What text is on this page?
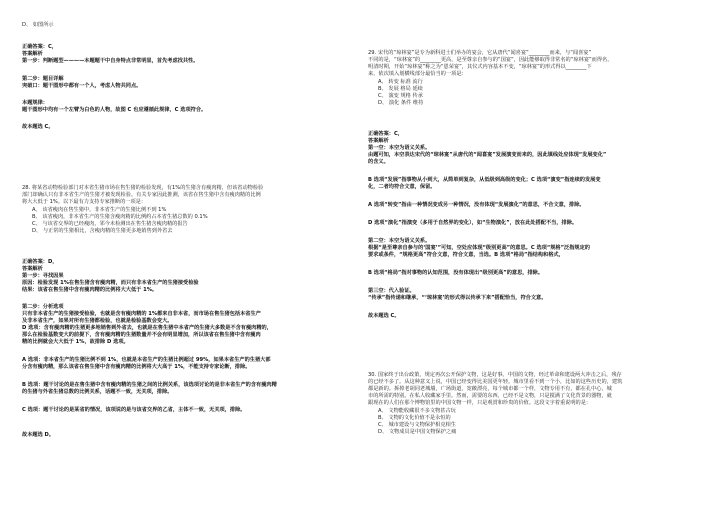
D、 如图所示
正确答案：C，
答案解析
第一步：判断题型————本题题干中自身特点非常明显，首先考虑找共性。
第二步：题目详解
突破口：题干图形中都有一个人，考虑人物共同点。
本题规律：
题干图形中均有一个左臂为白色的人物，故图 C 也应遵循此规律，C 选项符合。
故本题选 C。
28. 将某省动物检验部门对本省生猪市场在售生猪的检验发现，有1%的生猪含有瘦肉精，但该省动物检验
部门却确认只有非本省生产的生猪才被发现检验。有关专家因此推测，该省在售生猪中含有瘦肉精的比例
将大大低于 1%。以下最有力支持专家推断的一项是：
A、 该省瘦肉在售生猪中，非本省生产的生猪比例不到 1%
B、 该省瘦肉，非本省生产的生猪含瘦肉精的比例约占本省生猪总数的 0.1%
C、 与该省交界的已经瘦肉，邻今未检测出在售生猪含瘦肉精的报告
D、 与正常的生猪相比，含瘦肉精的生猪更多地销售到外省去
正确答案：D，
答案解析
第一步：寻找因果
原因：检验发现 1%在售生猪含有瘦肉精，而只有非本省生产的生猪接受检验
结果：该省在售生猪中含有瘦肉精的比例将大大低于 1%。
第二步：分析选项
只有非本省生产的生猪接受检验，也就是含有瘦肉精的 1%都来自非本省，而市场在售生猪包括本省生产
及非本省生产，如果对所有生猪都检验，也就是检验基数会变大。
D 选项：含有瘦肉精的生猪更多地销售到外省去，也就是在售生猪中本省产的生猪大多数是不含有瘦肉精的，
那么在检验基数变大的前提下，含有瘦肉精的生猪数量并不会有明显增加，所以该省在售生猪中含有瘦肉
精的比例就会大大低于 1%，故排除 D 选项。
A 选项：非本省生产的生猪比例不到 1%，也就是本省生产的生猪比例超过 99%，如果本省生产的生猪大部
分含有瘦肉精，那么该省在售生猪中含有瘦肉精的比例将大大高于 1%，不能支持专家论断，排除。
B 选项：题干讨论的是在售生猪中含有瘦肉精的生猪之间的比例关系，该选项讨论的是非本省生产的含有瘦肉精
的生猪与外省生猪总数的比例关系，话题不一致，无关项，排除。
C 选项：题干讨论的是某省的情况，该项说的是与该省交界的乙省，主体不一致，无关项，排除。
故本题选 D。
29. 宋代的“琼林宴”是专为新科进士们举办的宴会，它从唐代“闻喜宴”________而来，与“闻喜宴”
不同的是，“琼林宴”的________更高，是至尊亲自参与的“国宴”，因此能够取得非常名的“琼林宴”而得名，
明清时期，开始“琼林宴”称之为“恩荣宴”，其仪式内容基本不变，“琼林宴”的形式得以________下
来，依次填入划横线部分最恰当的一项是：
A、 转变 标准 流行
B、 发展 格局 延续
C、 演变 规格 传承
D、 演化 条件 维持
正确答案：C，
答案解析
第一空：本空为语义关系。
由题可知，本空表达宋代的“琼林宴”从唐代的“闻喜宴”发展演变而来的，因此填线处应体现“发展变化”
的含义。
B 选项“发展”指事物从小到大，从简单到复杂，从低级到高级的变化；C 选项“演变”指连续的发展变
化，二者均符合文意，保留。
A 选项“转变”指由一种情况变成另一种情况，没有体现“发展演化”的意思，不合文意，排除。
D 选项“演化”指演变（多用于自然界的变化），如“生物演化”，放在此处搭配不当，排除。
第二空：本空为语义关系。
根据“是至尊亲自参与的‘国宴’”可知，空处应体现“级别更高”的意思。C 选项“规格”泛指规定的
要求或条件，“规格更高”符合文意，符合文意，当选。B 选项“格局”指结构和格式，
B 选项“格局”指对事物的认知范围，没有体现出“级别更高”的意思，排除。
第三空：代入验证。
“传承”指传递和继承，“‘琼林宴’的形式得以传承下来”搭配恰当，符合文意。
故本题选 C。
30. 国家终于出台政策，规定再次公开保护文物，这是好事。中国的文物，经过革命和建设两大冲击之后，残存
的已经不多了。从这种意义上说，中国已经变得比美国更年轻。城市里看不到一个小，比如的这些历史的，建筑
都是新的。拆掉老胡同老城墙，广场街道，宽敞漂亮，每个城市都一个样，文物专用不有，都在孔中心，城
市的所需的特别。在私人收藏家手里。然而，需要的东西，已经不是文物，只是搅满了文化背景的器物，就
跟现在的人们在那个博物馆里的中国文物一样，只是观赏和珍贵的价值。这段文字着重说明的是：
A、 文物能收藏很不多文物甚古玩
B、 文物的文化价值不是永恒的
C、 城市建设与文物保护相克相生
D、 文物成员是中国文物保护之痛
